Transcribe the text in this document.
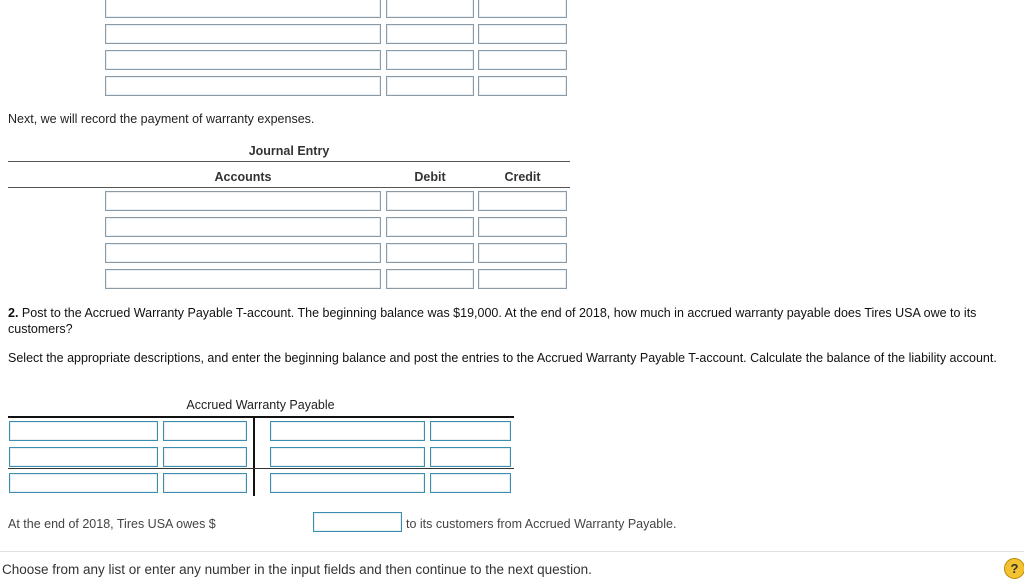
Next, we will record the payment of warranty expenses.
Journal Entry
Accounts	Debit	Credit
2. Post to the Accrued Warranty Payable T-account. The beginning balance was $19,000. At the end of 2018, how much in accrued warranty payable does Tires USA owe to its customers?
Select the appropriate descriptions, and enter the beginning balance and post the entries to the Accrued Warranty Payable T-account. Calculate the balance of the liability account.
Accrued Warranty Payable
At the end of 2018, Tires USA owes $	to its customers from Accrued Warranty Payable.
Choose from any list or enter any number in the input fields and then continue to the next question.	?
